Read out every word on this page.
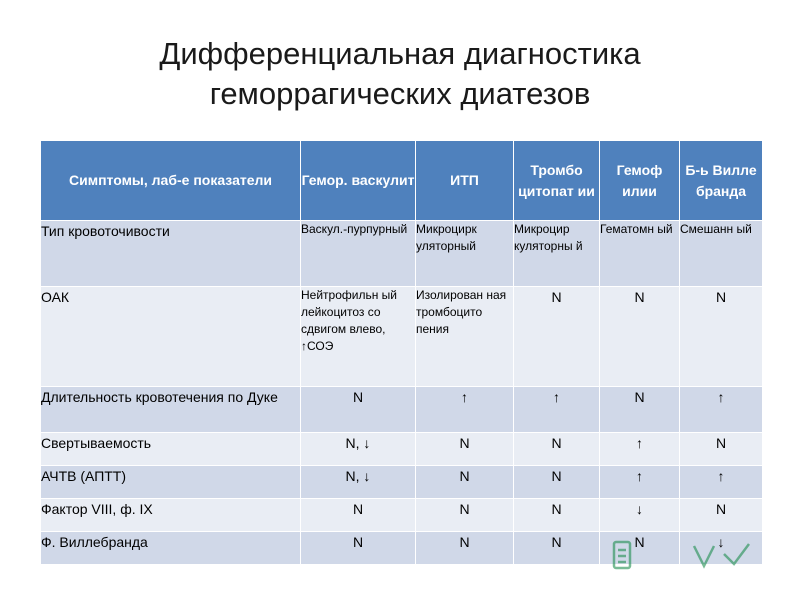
Дифференциальная диагностика
геморрагических диатезов
Симптомы, лаб-е показатели	Гемор. васкулит	ИТП	Тромбо цитопат ии	Гемоф илии	Б-ь Вилле бранда
Тип кровоточивости	Васкул.-пурпурный	Микроцирк уляторный	Микроцир куляторны й	Гематомн ый	Смешанн ый
ОАК	Нейтрофильн ый лейкоцитоз со сдвигом влево, ↑СОЭ	Изолирован ная тромбоцито пения	N	N	N
Длительность кровотечения по Дуке	N	↑	↑	N	↑
Свертываемость	N, ↓	N	N	↑	N
АЧТВ (АПТТ)	N, ↓	N	N	↑	↑
Фактор VIII, ф. IX	N	N	N	↓	N
Ф. Виллебранда	N	N	N	N	↓
